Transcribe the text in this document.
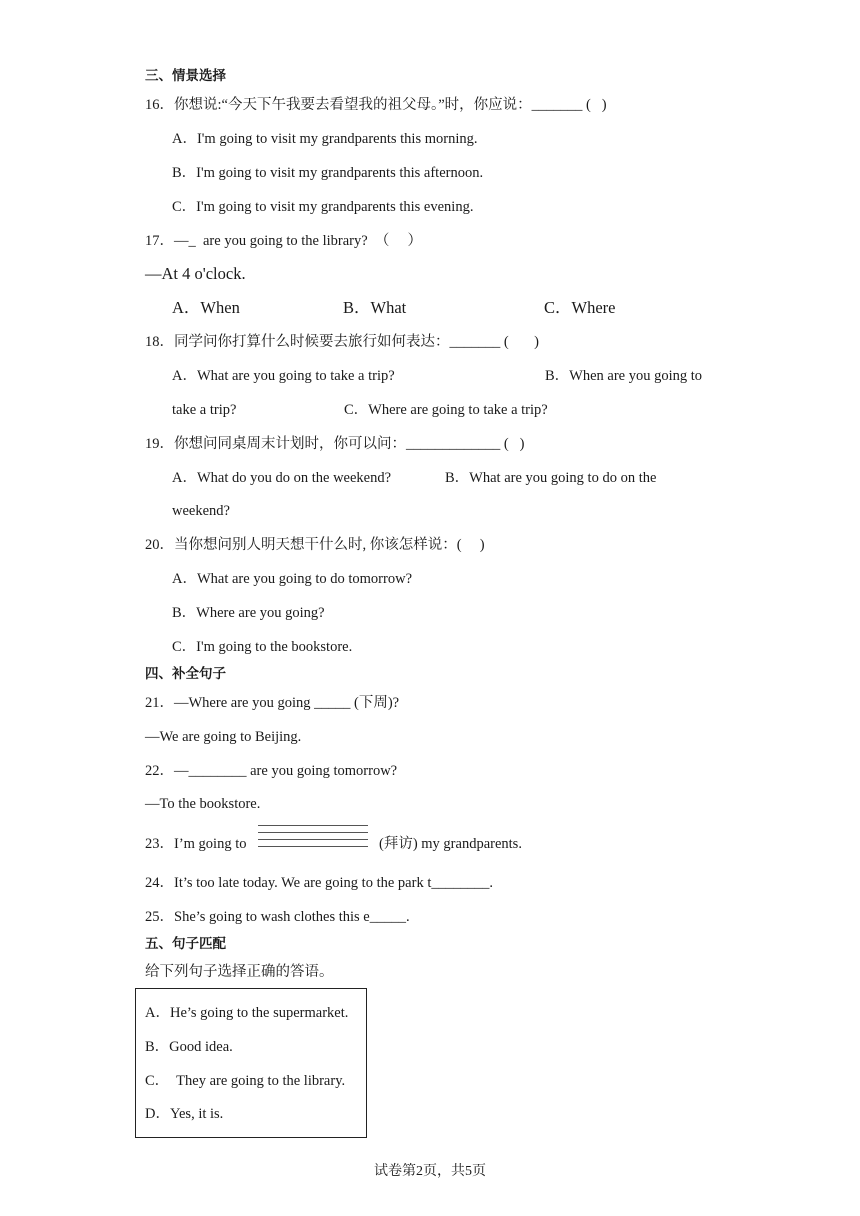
三、情景选择
16．你想说:“今天下午我要去看望我的祖父母。”时，你应说：_______ (   )
A．I'm going to visit my grandparents this morning.
B．I'm going to visit my grandparents this afternoon.
C．I'm going to visit my grandparents this evening.
17．—_  are you going to the library?  （     ）
—At 4 o'clock.
A．When	B．What	C．Where
18．同学问你打算什么时候要去旅行如何表达：_______ (       )
A．What are you going to take a trip?	B．When are you going to
take a trip?	C．Where are going to take a trip?
19．你想问同桌周末计划时，你可以问：_____________ (   )
A．What do you do on the weekend?	B．What are you going to do on the
weekend?
20．当你想问别人明天想干什么时, 你该怎样说：(     )
A．What are you going to do tomorrow?
B．Where are you going?
C．I'm going to the bookstore.
四、补全句子
21．—Where are you going _____ (下周)?
—We are going to Beijing.
22．—________ are you going tomorrow?
—To the bookstore.
23．I’m going to	(拜访) my grandparents.
24．It’s too late today. We are going to the park t________.
25．She’s going to wash clothes this e_____.
五、句子匹配
给下列句子选择正确的答语。
A．He’s going to the supermarket.
B．Good idea.
C．  They are going to the library.
D．Yes, it is.
试卷第2页，共5页
